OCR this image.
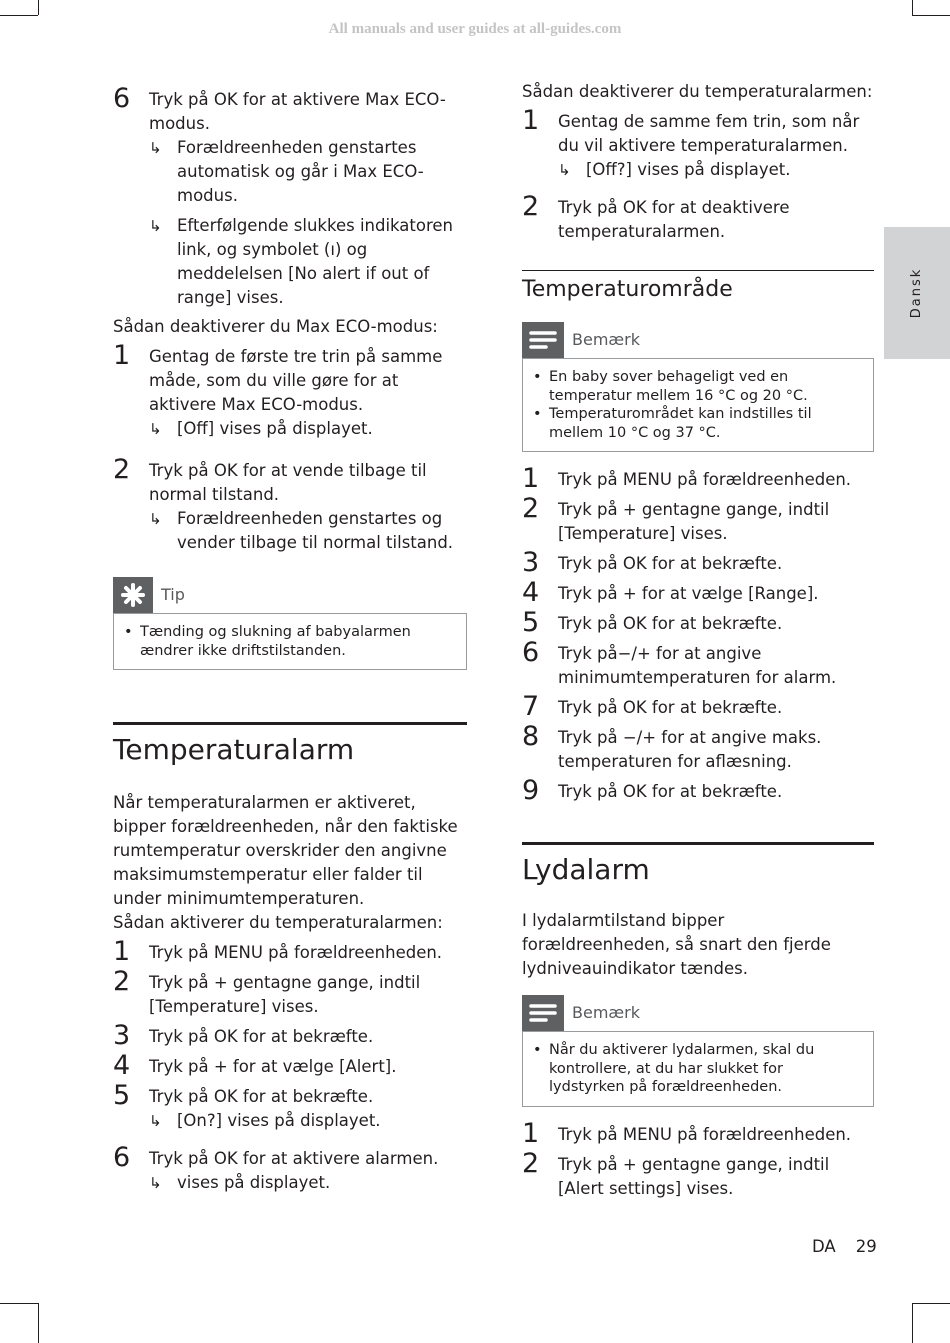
All manuals and user guides at all-guides.com
Dansk
6 Tryk på OK for at aktivere Max ECO-modus.
↳ Forældreenheden genstartes automatisk og går i Max ECO-modus.
↳ Efterfølgende slukkes indikatoren link, og symbolet (ı) og meddelelsen [No alert if out of range] vises.
Sådan deaktiverer du Max ECO-modus:
1 Gentag de første tre trin på samme måde, som du ville gøre for at aktivere Max ECO-modus.
↳ [Off] vises på displayet.
2 Tryk på OK for at vende tilbage til normal tilstand.
↳ Forældreenheden genstartes og vender tilbage til normal tilstand.
Tip
• Tænding og slukning af babyalarmen ændrer ikke driftstilstanden.
Temperaturalarm

Når temperaturalarmen er aktiveret, bipper forældreenheden, når den faktiske rumtemperatur overskrider den angivne maksimumstemperatur eller falder til under minimumtemperaturen.

Sådan aktiverer du temperaturalarmen:
1 Tryk på MENU på forældreenheden.
2 Tryk på + gentagne gange, indtil [Temperature] vises.
3 Tryk på OK for at bekræfte.
4 Tryk på + for at vælge [Alert].
5 Tryk på OK for at bekræfte.
↳ [On?] vises på displayet.
6 Tryk på OK for at aktivere alarmen.
↳ vises på displayet.
Sådan deaktiverer du temperaturalarmen:
1 Gentag de samme fem trin, som når du vil aktivere temperaturalarmen.
↳ [Off?] vises på displayet.
2 Tryk på OK for at deaktivere temperaturalarmen.
Temperaturområde
Bemærk
• En baby sover behageligt ved en temperatur mellem 16 °C og 20 °C.
• Temperaturområdet kan indstilles til mellem 10 °C og 37 °C.
1 Tryk på MENU på forældreenheden.
2 Tryk på + gentagne gange, indtil [Temperature] vises.
3 Tryk på OK for at bekræfte.
4 Tryk på + for at vælge [Range].
5 Tryk på OK for at bekræfte.
6 Tryk på−/+ for at angive minimumtemperaturen for alarm.
7 Tryk på OK for at bekræfte.
8 Tryk på −/+ for at angive maks. temperaturen for aflæsning.
9 Tryk på OK for at bekræfte.
Lydalarm

I lydalarmtilstand bipper forældreenheden, så snart den fjerde lydniveauindikator tændes.

Bemærk
• Når du aktiverer lydalarmen, skal du kontrollere, at du har slukket for lydstyrken på forældreenheden.
1 Tryk på MENU på forældreenheden.
2 Tryk på + gentagne gange, indtil [Alert settings] vises.
DA 29
